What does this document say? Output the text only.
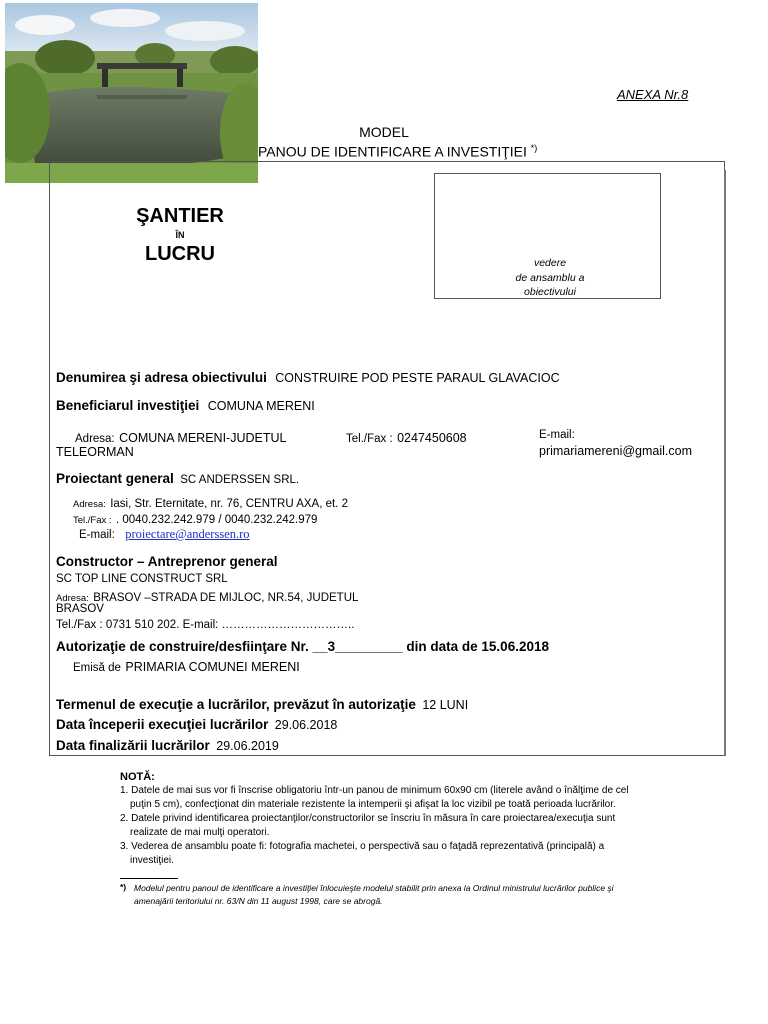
ANEXA Nr.8
MODEL
PANOU DE IDENTIFICARE A INVESTIŢIEI *)
ŞANTIER
ÎN
LUCRU	vedere
de ansamblu a
obiectivului
Denumirea şi adresa obiectivului CONSTRUIRE POD PESTE PARAUL GLAVACIOC
Beneficiarul investiţiei COMUNA MERENI
Adresa: COMUNA MERENI-JUDETUL
TELEORMAN
Tel./Fax : 0247450608	E-mail:
primariamereni@gmail.com
Proiectant general SC ANDERSSEN SRL.
Adresa: Iasi, Str. Eternitate, nr. 76, CENTRU AXA, et. 2
Tel./Fax : . 0040.232.242.979 / 0040.232.242.979
E-mail: proiectare@anderssen.ro
Constructor – Antreprenor general
SC TOP LINE CONSTRUCT SRL
Adresa: BRASOV –STRADA DE MIJLOC, NR.54, JUDETUL
BRASOV
Tel./Fax : 0731 510 202. E-mail: ……………………………..
Autorizaţie de construire/desfiinţare Nr. __3_________ din data de 15.06.2018
Emisă de PRIMARIA COMUNEI MERENI
Termenul de execuţie a lucrărilor, prevăzut în autorizaţie 12 LUNI
Data începerii execuţiei lucrărilor 29.06.2018
Data finalizării lucrărilor 29.06.2019
NOTĂ:
1. Datele de mai sus vor fi înscrise obligatoriu într-un panou de minimum 60x90 cm (literele având o înălţime de cel
puţin 5 cm), confecţionat din materiale rezistente la intemperii şi afişat la loc vizibil pe toată perioada lucrărilor.
2. Datele privind identificarea proiectanţilor/constructorilor se înscriu în măsura în care proiectarea/execuţia sunt
realizate de mai mulţi operatori.
3. Vederea de ansamblu poate fi: fotografia machetei, o perspectivă sau o faţadă reprezentativă (principală) a
investiţiei.
*) Modelul pentru panoul de identificare a investiţiei înlocuieşte modelul stabilit prin anexa la Ordinul ministrului lucrărilor publice şi
amenajării teritoriului nr. 63/N din 11 august 1998, care se abrogă.
